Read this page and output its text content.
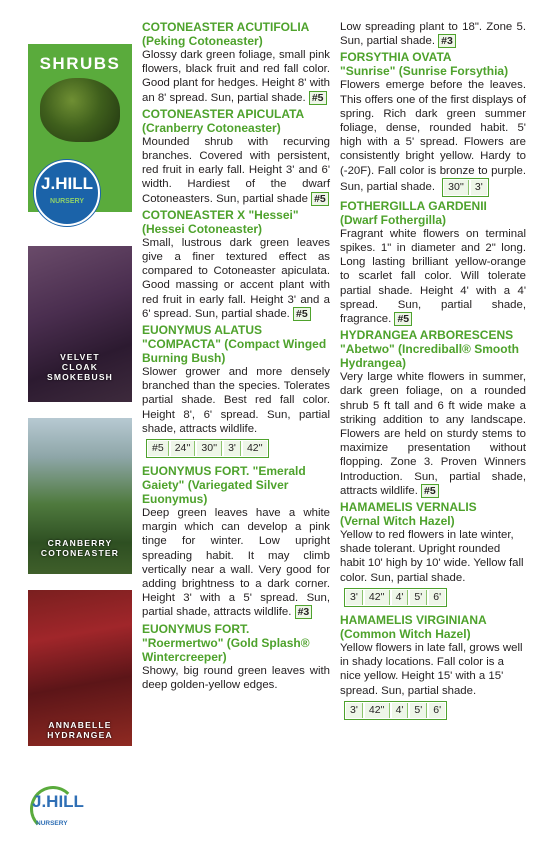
SHRUBS
J.HILL
NURSERY
VELVET
CLOAK
SMOKEBUSH
CRANBERRY
COTONEASTER
ANNABELLE
HYDRANGEA
J.HILL
NURSERY
COTONEASTER ACUTIFOLIA
(Peking Cotoneaster)

Glossy dark green foliage, small pink flowers, black fruit and red fall color. Good plant for hedges. Height 8' with an 8' spread. Sun, partial shade. #5

COTONEASTER APICULATA
(Cranberry Cotoneaster)

Mounded shrub with recurving branches. Covered with persistent, red fruit in early fall. Height 3' and 6' width. Hardiest of the dwarf Cotoneasters. Sun, partial shade #5

COTONEASTER X "Hessei"
(Hessei Cotoneaster)

Small, lustrous dark green leaves give a finer textured effect as compared to Cotoneaster apiculata. Good massing or accent plant with red fruit in early fall. Height 3' and a 6' spread. Sun, partial shade. #5

EUONYMUS ALATUS "COMPACTA" (Compact Winged Burning Bush)

Slower grower and more densely branched than the species. Tolerates partial shade. Best red fall color. Height 8', 6' spread. Sun, partial shade, attracts wildlife.

#5	24''	30''	3'	42''
EUONYMUS FORT. "Emerald Gaiety" (Variegated Silver Euonymus)

Deep green leaves have a white margin which can develop a pink tinge for winter. Low upright spreading habit. It may climb vertically near a wall. Very good for adding brightness to a dark corner. Height 3' with a 5' spread. Sun, partial shade, attracts wildlife. #3

EUONYMUS FORT. "Roermertwo" (Gold Splash® Wintercreeper)

Showy, big round green leaves with deep golden-yellow edges.

Low spreading plant to 18". Zone 5. Sun, partial shade. #3

FORSYTHIA OVATA
"Sunrise" (Sunrise Forsythia)

Flowers emerge before the leaves. This offers one of the first displays of spring. Rich dark green summer foliage, dense, rounded habit. 5' high with a 5' spread. Flowers are consistently bright yellow. Hardy to (-20F). Fall color is bronze to purple. Sun, partial shade.	30''	3'

FOTHERGILLA GARDENII
(Dwarf Fothergilla)

Fragrant white flowers on terminal spikes. 1" in diameter and 2" long. Long lasting brilliant yellow-orange to scarlet fall color. Will tolerate partial shade. Height 4' with a 4' spread. Sun, partial shade, fragrance. #5

HYDRANGEA ARBORESCENS "Abetwo" (Incrediball® Smooth Hydrangea)

Very large white flowers in summer, dark green foliage, on a rounded shrub 5 ft tall and 6 ft wide make a striking addition to any landscape. Flowers are held on sturdy stems to maximize presentation without flopping. Zone 3. Proven Winners Introduction. Sun, partial shade, attracts wildlife. #5

HAMAMELIS VERNALIS
(Vernal Witch Hazel)

Yellow to red flowers in late winter, shade tolerant. Upright rounded habit 10' high by 10' wide. Yellow fall color. Sun, partial shade.

3'	42''	4'	5'	6'
HAMAMELIS VIRGINIANA
(Common Witch Hazel)

Yellow flowers in late fall, grows well in shady locations. Fall color is a nice yellow. Height 15' with a 15' spread. Sun, partial shade.

3'	42''	4'	5'	6'
